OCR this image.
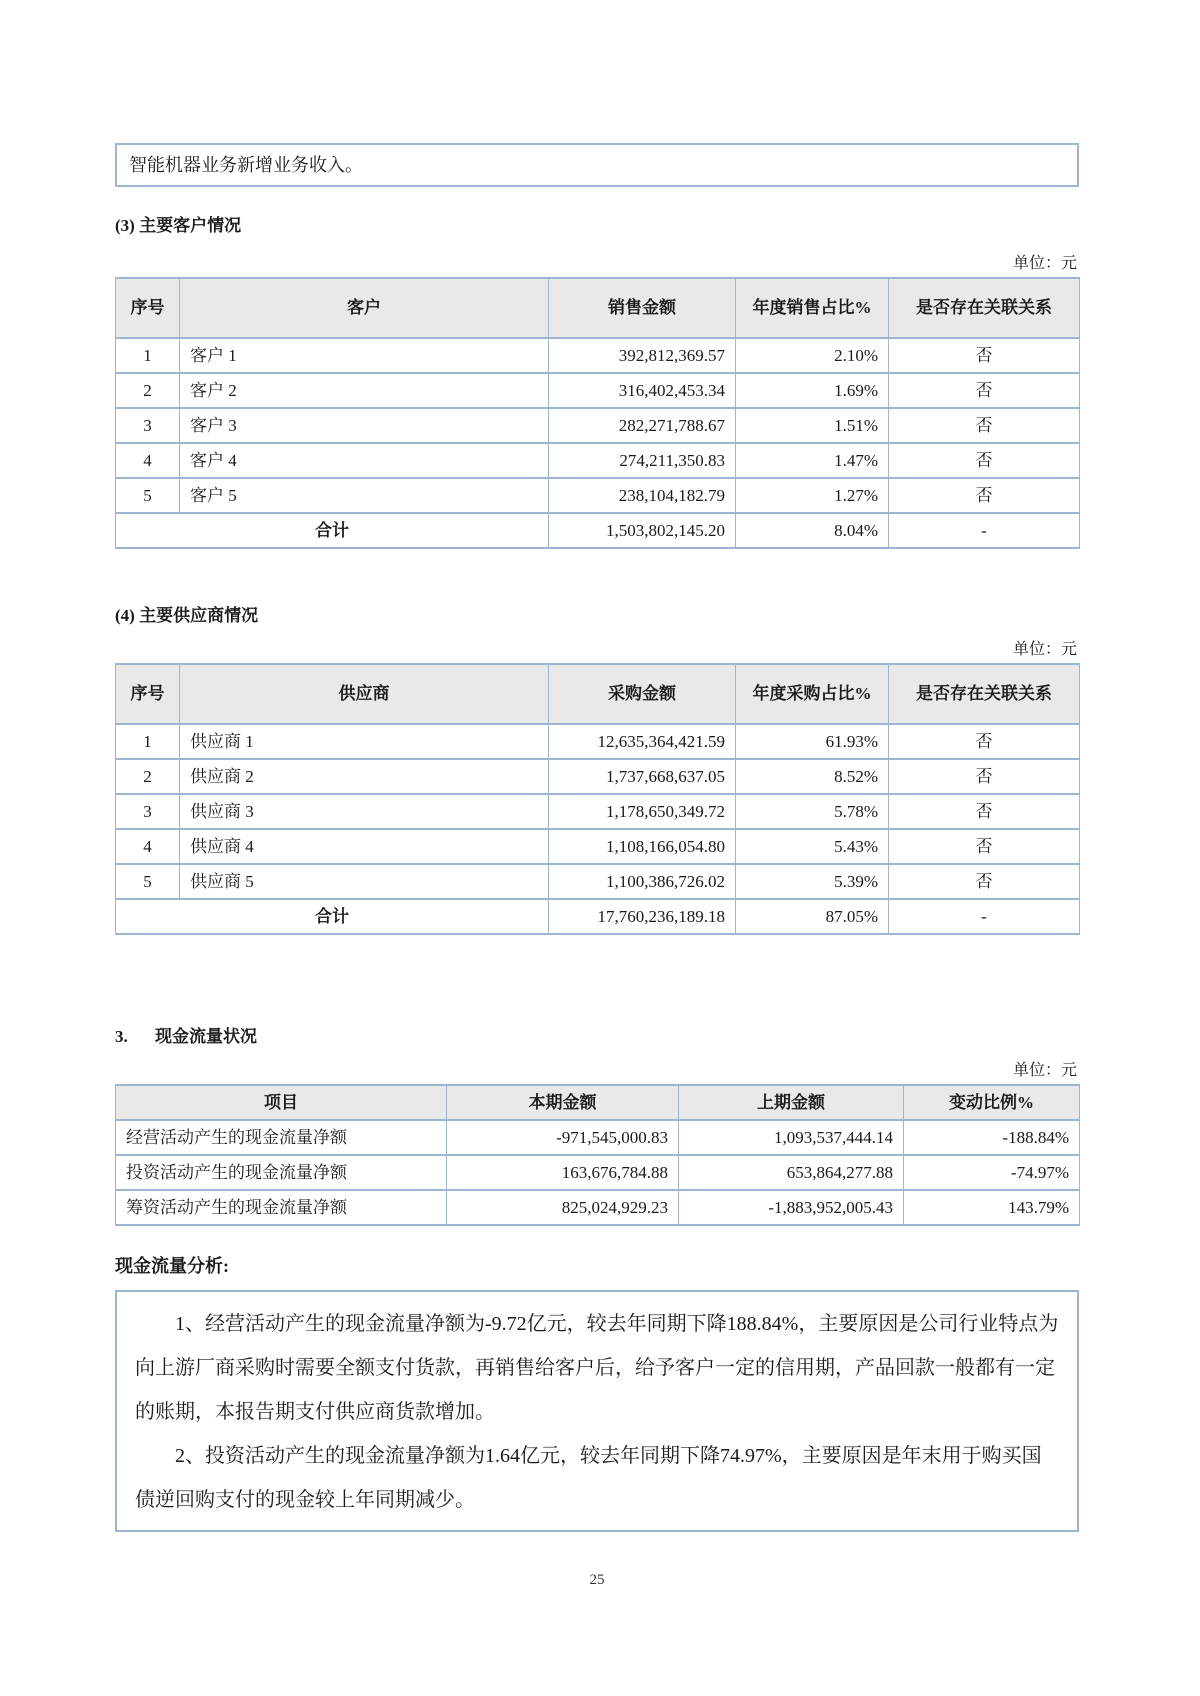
智能机器业务新增业务收入。

(3) 主要客户情况
单位：元
序号	客户	销售金额	年度销售占比%	是否存在关联关系
1	客户 1	392,812,369.57	2.10%	否
2	客户 2	316,402,453.34	1.69%	否
3	客户 3	282,271,788.67	1.51%	否
4	客户 4	274,211,350.83	1.47%	否
5	客户 5	238,104,182.79	1.27%	否
合计		1,503,802,145.20	8.04%	-
(4) 主要供应商情况
单位：元
序号	供应商	采购金额	年度采购占比%	是否存在关联关系
1	供应商 1	12,635,364,421.59	61.93%	否
2	供应商 2	1,737,668,637.05	8.52%	否
3	供应商 3	1,178,650,349.72	5.78%	否
4	供应商 4	1,108,166,054.80	5.43%	否
5	供应商 5	1,100,386,726.02	5.39%	否
合计		17,760,236,189.18	87.05%	-
3. 现金流量状况
单位：元
项目	本期金额	上期金额	变动比例%
经营活动产生的现金流量净额	-971,545,000.83	1,093,537,444.14	-188.84%
投资活动产生的现金流量净额	163,676,784.88	653,864,277.88	-74.97%
筹资活动产生的现金流量净额	825,024,929.23	-1,883,952,005.43	143.79%
现金流量分析:

1、经营活动产生的现金流量净额为-9.72亿元，较去年同期下降188.84%，主要原因是公司行业特点为向上游厂商采购时需要全额支付货款，再销售给客户后，给予客户一定的信用期，产品回款一般都有一定的账期，本报告期支付供应商货款增加。

2、投资活动产生的现金流量净额为1.64亿元，较去年同期下降74.97%，主要原因是年末用于购买国债逆回购支付的现金较上年同期减少。

25
